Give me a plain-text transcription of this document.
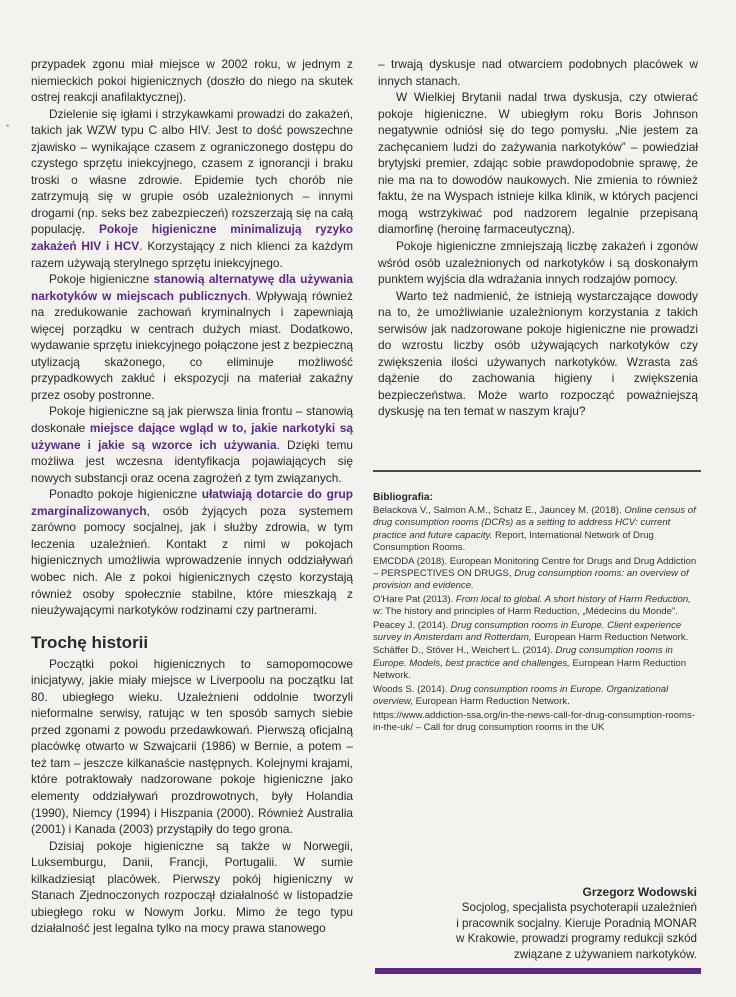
przypadek zgonu miał miejsce w 2002 roku, w jednym z niemieckich pokoi higienicznych (doszło do niego na skutek ostrej reakcji anafilaktycznej).

Dzielenie się igłami i strzykawkami prowadzi do zakażeń, takich jak WZW typu C albo HIV. Jest to dość powszechne zjawisko – wynikające czasem z ograniczonego dostępu do czystego sprzętu iniekcyjnego, czasem z ignorancji i braku troski o własne zdrowie. Epidemie tych chorób nie zatrzymują się w grupie osób uzależnionych – innymi drogami (np. seks bez zabezpieczeń) rozszerzają się na całą populację. Pokoje higieniczne minimalizują ryzyko zakażeń HIV i HCV. Korzystający z nich klienci za każdym razem używają sterylnego sprzętu iniekcyjnego.

Pokoje higieniczne stanowią alternatywę dla używania narkotyków w miejscach publicznych. Wpływają również na zredukowanie zachowań kryminalnych i zapewniają więcej porządku w centrach dużych miast. Dodatkowo, wydawanie sprzętu iniekcyjnego połączone jest z bezpieczną utylizacją skażonego, co eliminuje możliwość przypadkowych zakłuć i ekspozycji na materiał zakaźny przez osoby postronne.

Pokoje higieniczne są jak pierwsza linia frontu – stanowią doskonałe miejsce dające wgląd w to, jakie narkotyki są używane i jakie są wzorce ich używania. Dzięki temu możliwa jest wczesna identyfikacja pojawiających się nowych substancji oraz ocena zagrożeń z tym związanych.

Ponadto pokoje higieniczne ułatwiają dotarcie do grup zmarginalizowanych, osób żyjących poza systemem zarówno pomocy socjalnej, jak i służby zdrowia, w tym leczenia uzależnień. Kontakt z nimi w pokojach higienicznych umożliwia wprowadzenie innych oddziaływań wobec nich. Ale z pokoi higienicznych często korzystają również osoby społecznie stabilne, które mieszkają z nieużywającymi narkotyków rodzinami czy partnerami.

Trochę historii

Początki pokoi higienicznych to samopomocowe inicjatywy, jakie miały miejsce w Liverpoolu na początku lat 80. ubiegłego wieku. Uzależnieni oddolnie tworzyli nieformalne serwisy, ratując w ten sposób samych siebie przed zgonami z powodu przedawkowań. Pierwszą oficjalną placówkę otwarto w Szwajcarii (1986) w Bernie, a potem – też tam – jeszcze kilkanaście następnych. Kolejnymi krajami, które potraktowały nadzorowane pokoje higieniczne jako elementy oddziaływań prozdrowotnych, były Holandia (1990), Niemcy (1994) i Hiszpania (2000). Również Australia (2001) i Kanada (2003) przystąpiły do tego grona.

Dzisiaj pokoje higieniczne są także w Norwegii, Luksemburgu, Danii, Francji, Portugalii. W sumie kilkadziesiąt placówek. Pierwszy pokój higieniczny w Stanach Zjednoczonych rozpoczął działalność w listopadzie ubiegłego roku w Nowym Jorku. Mimo że tego typu działalność jest legalna tylko na mocy prawa stanowego

– trwają dyskusje nad otwarciem podobnych placówek w innych stanach.

W Wielkiej Brytanii nadal trwa dyskusja, czy otwierać pokoje higieniczne. W ubiegłym roku Boris Johnson negatywnie odniósł się do tego pomysłu. „Nie jestem za zachęcaniem ludzi do zażywania narkotyków” – powiedział brytyjski premier, zdając sobie prawdopodobnie sprawę, że nie ma na to dowodów naukowych. Nie zmienia to również faktu, że na Wyspach istnieje kilka klinik, w których pacjenci mogą wstrzykiwać pod nadzorem legalnie przepisaną diamorfinę (heroinę farmaceutyczną).

Pokoje higieniczne zmniejszają liczbę zakażeń i zgonów wśród osób uzależnionych od narkotyków i są doskonałym punktem wyjścia dla wdrażania innych rodzajów pomocy.

Warto też nadmienić, że istnieją wystarczające dowody na to, że umożliwianie uzależnionym korzystania z takich serwisów jak nadzorowane pokoje higieniczne nie prowadzi do wzrostu liczby osób używających narkotyków czy zwiększenia ilości używanych narkotyków. Wzrasta zaś dążenie do zachowania higieny i zwiększenia bezpieczeństwa. Może warto rozpocząć poważniejszą dyskusję na ten temat w naszym kraju?

Bibliografia:

Belackova V., Salmon A.M., Schatz E., Jauncey M. (2018). Online census of drug consumption rooms (DCRs) as a setting to address HCV: current practice and future capacity. Report, International Network of Drug Consumption Rooms.

EMCDDA (2018). European Monitoring Centre for Drugs and Drug Addiction – PERSPECTIVES ON DRUGS, Drug consumption rooms: an overview of provision and evidence.

O'Hare Pat (2013). From local to global. A short history of Harm Reduction, w: The history and principles of Harm Reduction, „Médecins du Monde”.

Peacey J. (2014). Drug consumption rooms in Europe. Client experience survey in Amsterdam and Rotterdam, European Harm Reduction Network.

Schäffer D., Stöver H., Weichert L. (2014). Drug consumption rooms in Europe. Models, best practice and challenges, European Harm Reduction Network.

Woods S. (2014). Drug consumption rooms in Europe. Organizational overview, European Harm Reduction Network.

https://www.addiction-ssa.org/in-the-news-call-for-drug-consumption-rooms-in-the-uk/ – Call for drug consumption rooms in the UK

Grzegorz Wodowski

Socjolog, specjalista psychoterapii uzależnień

i pracownik socjalny. Kieruje Poradnią MONAR

w Krakowie, prowadzi programy redukcji szkód

związane z używaniem narkotyków.
